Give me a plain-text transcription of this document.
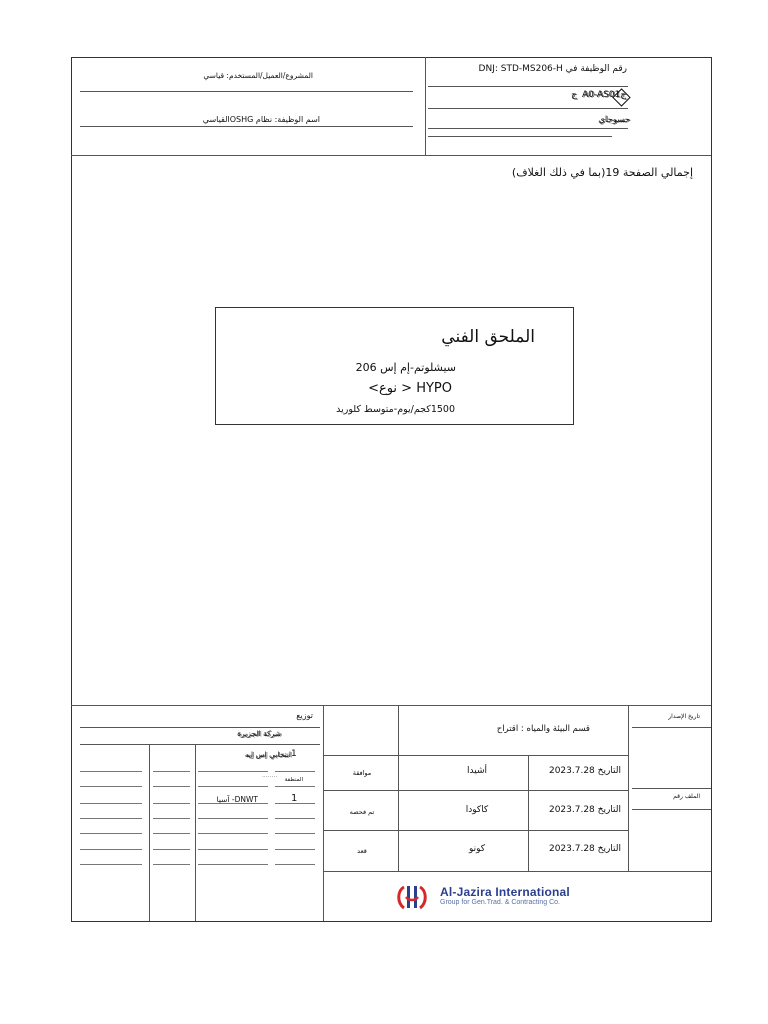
رقم الوظيفة في DNJ: STD-MS206-H
ج A0-AS01ج
حسوجاي
المشروع/العميل/المستخدم: قياسي
اسم الوظيفة: نظام OSHGالقياسي
إجمالي الصفحة 19(بما في ذلك الغلاف)
الملحق الفني
سيشلوتم-إم إس 206
HYPO < نوع>
1500كجم/يوم-متوسط كلوريد
توزيع
شركة الجزيرة
1
انتخابي إس إيه
المنطقة
........
1
DNWT- آسيا
تاريخ الإصدار
قسم البيئة والمياه : اقتراح
الملف رقم
موافقة	أشيدا	التاريخ 2023.7.28
تم فحصه	كاكودا	التاريخ 2023.7.28
قعد	كونو	التاريخ 2023.7.28
Al-Jazira International
Group for Gen.Trad. & Contracting Co.
